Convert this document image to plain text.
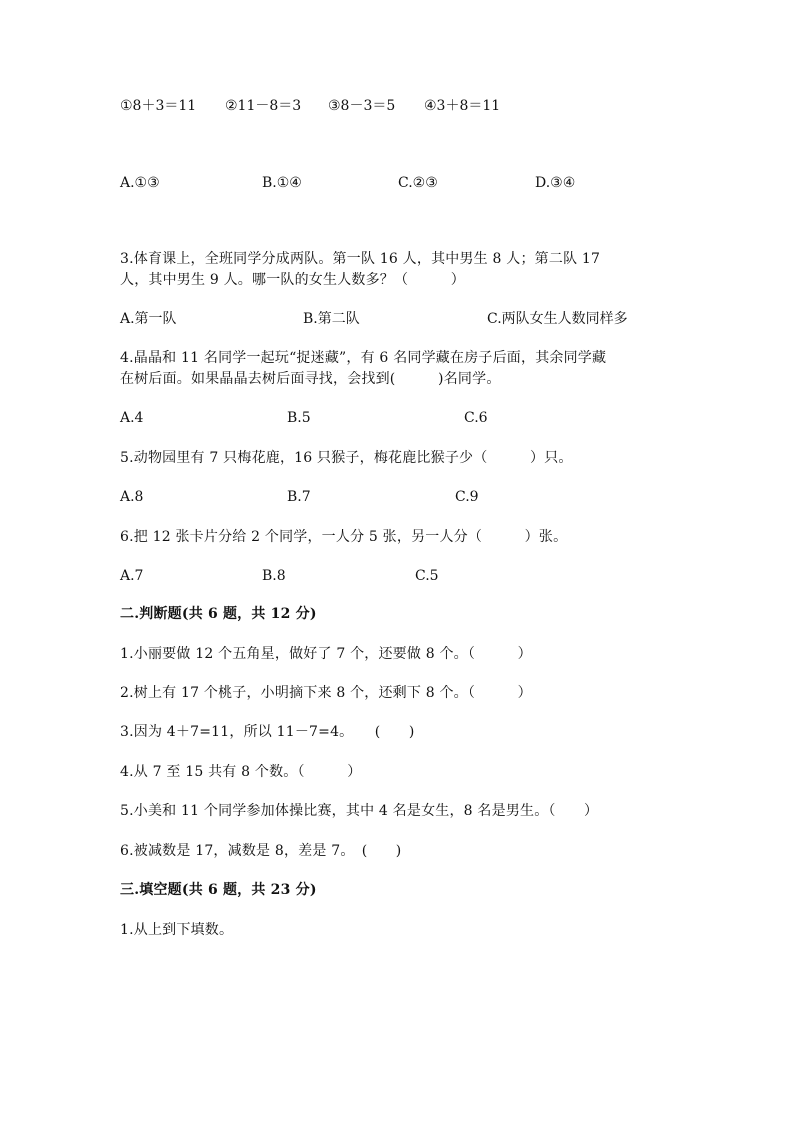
①8＋3＝11 ②11－8＝3 ③8－3＝5 ④3＋8＝11
A.①③	B.①④	C.②③	D.③④
3.体育课上，全班同学分成两队。第一队 16 人，其中男生 8 人；第二队 17
人，其中男生 9 人。哪一队的女生人数多？（　　　）
A.第一队	B.第二队	C.两队女生人数同样多
4.晶晶和 11 名同学一起玩“捉迷藏”，有 6 名同学藏在房子后面，其余同学藏
在树后面。如果晶晶去树后面寻找，会找到(　　　)名同学。
A.4	B.5	C.6
5.动物园里有 7 只梅花鹿，16 只猴子，梅花鹿比猴子少（　　　）只。
A.8	B.7	C.9
6.把 12 张卡片分给 2 个同学，一人分 5 张，另一人分（　　　）张。
A.7	B.8	C.5
二.判断题(共 6 题，共 12 分)
1.小丽要做 12 个五角星，做好了 7 个，还要做 8 个。（　　　）
2.树上有 17 个桃子，小明摘下来 8 个，还剩下 8 个。（　　　）
3.因为 4＋7=11，所以 11－7=4。　　(　　)
4.从 7 至 15 共有 8 个数。（　　　）
5.小美和 11 个同学参加体操比赛，其中 4 名是女生，8 名是男生。（　　）
6.被减数是 17，减数是 8，差是 7。　(　　)
三.填空题(共 6 题，共 23 分)
1.从上到下填数。
